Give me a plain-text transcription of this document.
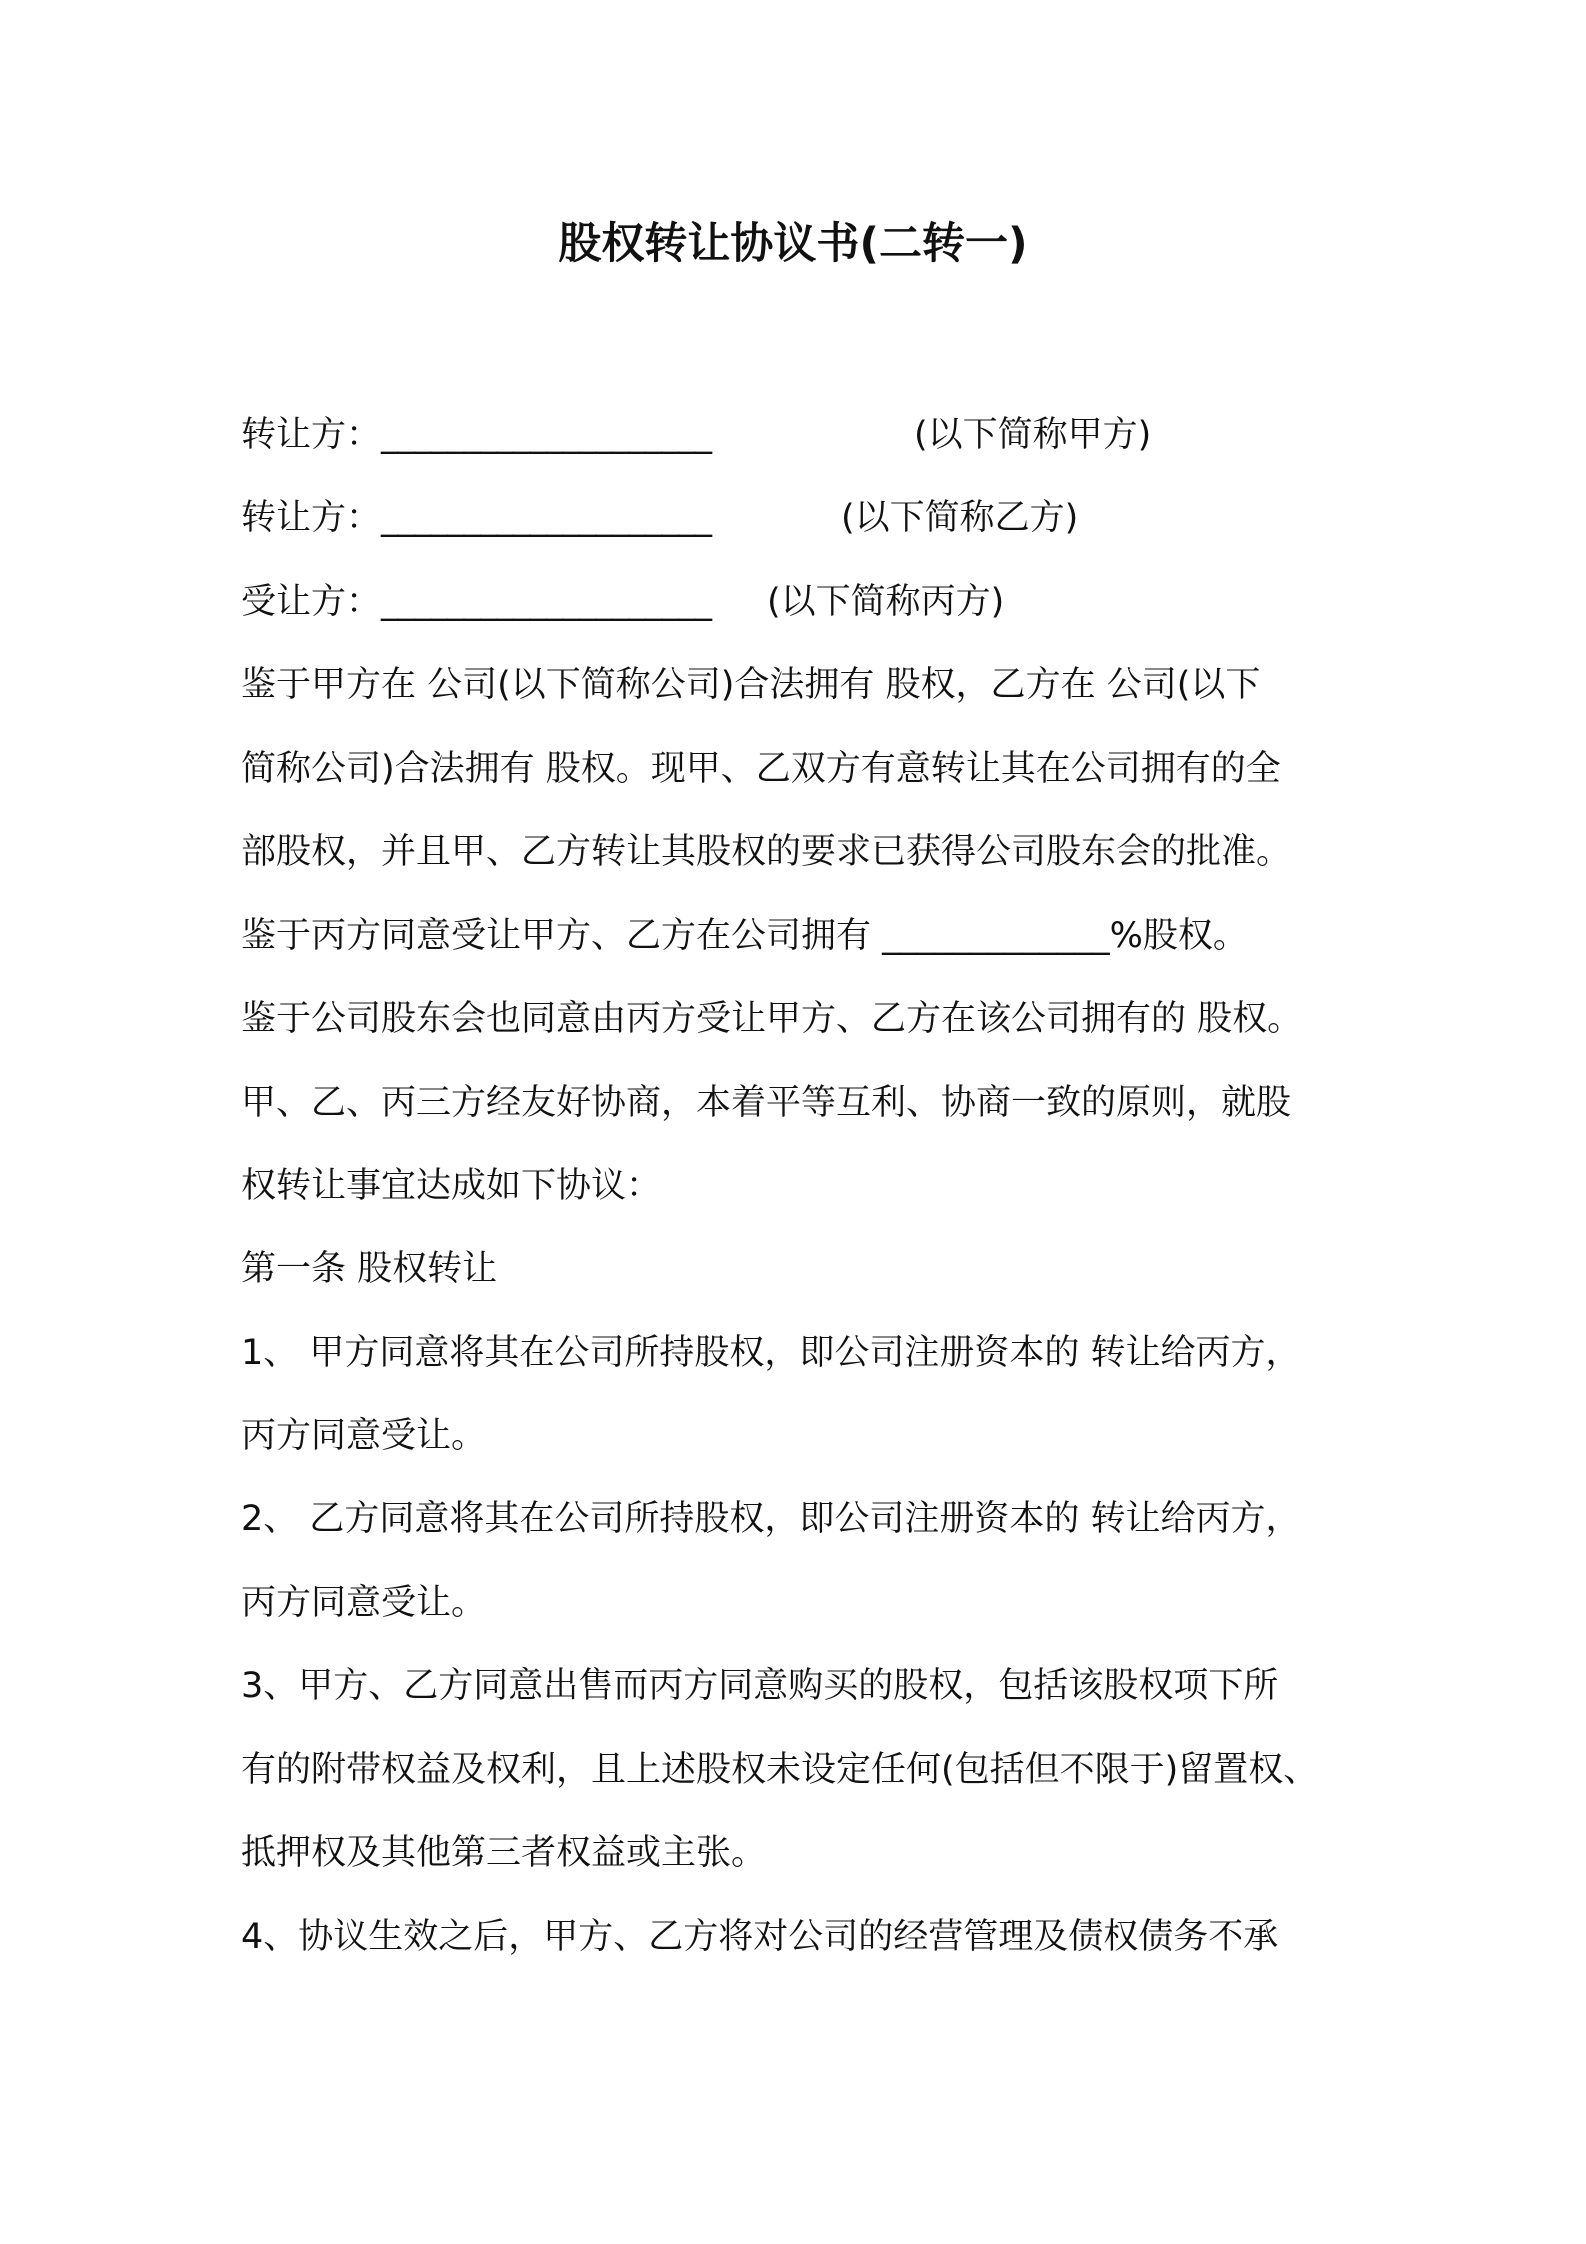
股权转让协议书(二转一)
转让方：____________________	(以下简称甲方)
转让方：____________________	(以下简称乙方)
受让方：____________________ (以下简称丙方)
鉴于甲方在 公司(以下简称公司)合法拥有 股权，乙方在 公司(以下
简称公司)合法拥有 股权。现甲、乙双方有意转让其在公司拥有的全
部股权，并且甲、乙方转让其股权的要求已获得公司股东会的批准。
鉴于丙方同意受让甲方、乙方在公司拥有 _____________%股权。
鉴于公司股东会也同意由丙方受让甲方、乙方在该公司拥有的 股权。
甲、乙、丙三方经友好协商，本着平等互利、协商一致的原则，就股
权转让事宜达成如下协议：
第一条 股权转让
1、 甲方同意将其在公司所持股权，即公司注册资本的 转让给丙方，
丙方同意受让。
2、 乙方同意将其在公司所持股权，即公司注册资本的 转让给丙方，
丙方同意受让。
3、甲方、乙方同意出售而丙方同意购买的股权，包括该股权项下所
有的附带权益及权利，且上述股权未设定任何(包括但不限于)留置权、
抵押权及其他第三者权益或主张。
4、协议生效之后，甲方、乙方将对公司的经营管理及债权债务不承
